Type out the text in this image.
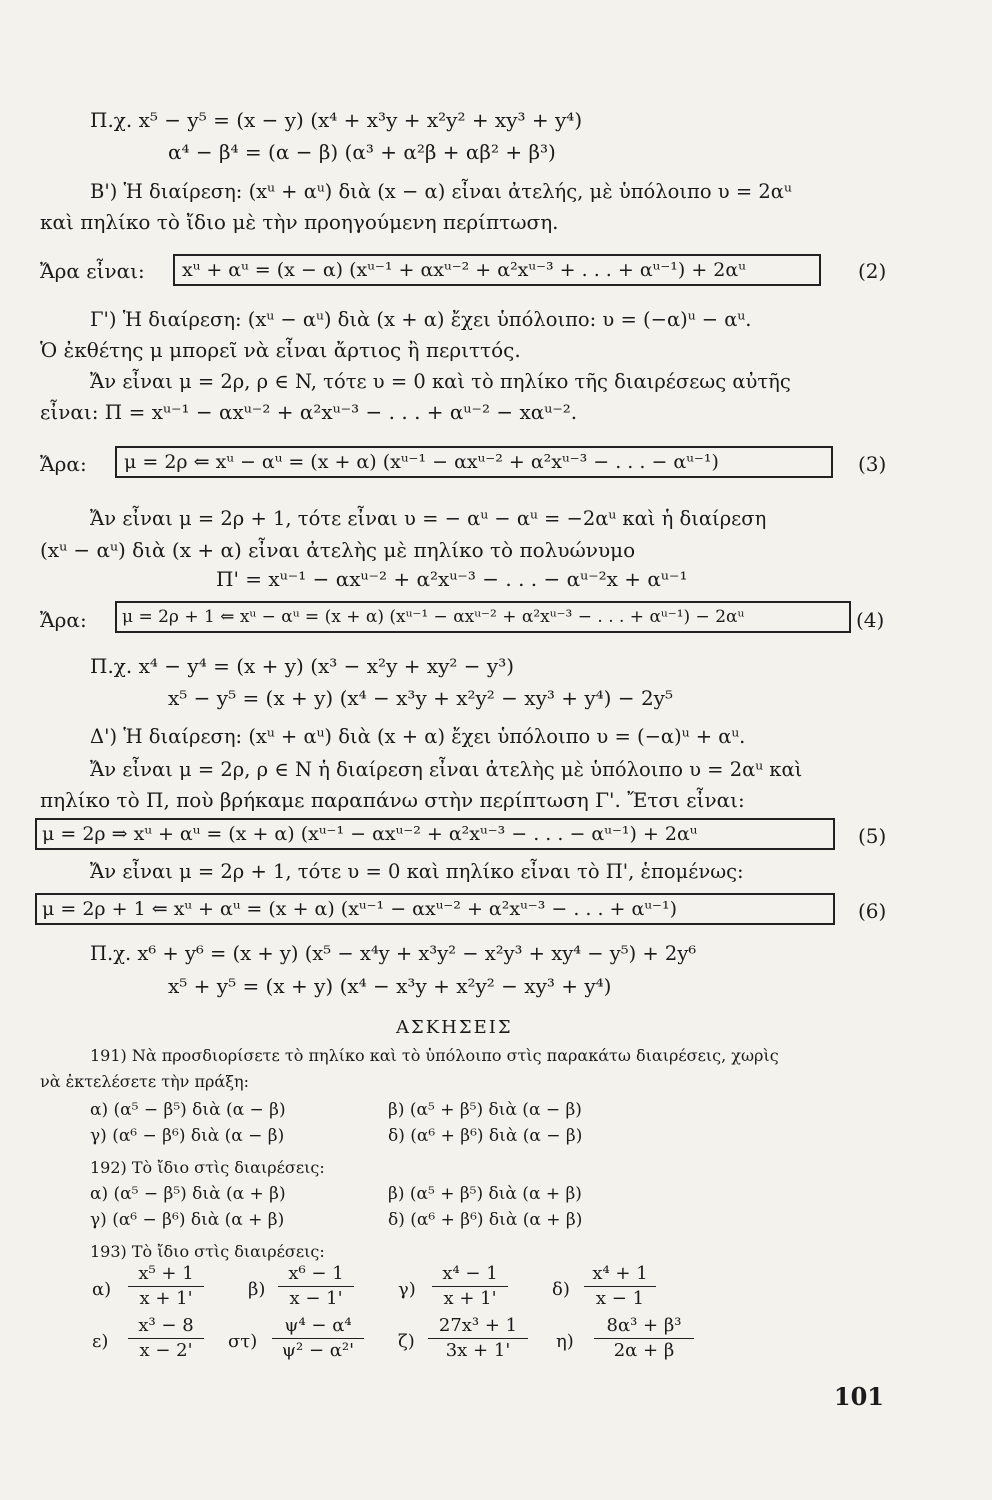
Π.χ. x⁵ − y⁵ = (x − y) (x⁴ + x³y + x²y² + xy³ + y⁴)
α⁴ − β⁴ = (α − β) (α³ + α²β + αβ² + β³)
Β') Ἡ διαίρεση: (xᵘ + αᵘ) διὰ (x − α) εἶναι ἀτελής, μὲ ὑπόλοιπο υ = 2αᵘ
καὶ πηλίκο τὸ ἴδιο μὲ τὴν προηγούμενη περίπτωση.
Ἄρα εἶναι: xᵘ + αᵘ = (x − α) (xᵘ⁻¹ + αxᵘ⁻² + α²xᵘ⁻³ + . . . + αᵘ⁻¹) + 2αᵘ	(2)
Γ') Ἡ διαίρεση: (xᵘ − αᵘ) διὰ (x + α) ἔχει ὑπόλοιπο: υ = (−α)ᵘ − αᵘ.
Ὁ ἐκθέτης μ μπορεῖ νὰ εἶναι ἄρτιος ἢ περιττός.
Ἄν εἶναι μ = 2ρ, ρ ∈ N, τότε υ = 0 καὶ τὸ πηλίκο τῆς διαιρέσεως αὐτῆς
εἶναι: Π = xᵘ⁻¹ − αxᵘ⁻² + α²xᵘ⁻³ − . . . + αᵘ⁻² − xαᵘ⁻².
Ἄρα: μ = 2ρ ⇐ xᵘ − αᵘ = (x + α) (xᵘ⁻¹ − αxᵘ⁻² + α²xᵘ⁻³ − . . . − αᵘ⁻¹)	(3)
Ἄν εἶναι μ = 2ρ + 1, τότε εἶναι υ = − αᵘ − αᵘ = −2αᵘ καὶ ἡ διαίρεση
(xᵘ − αᵘ) διὰ (x + α) εἶναι ἀτελὴς μὲ πηλίκο τὸ πολυώνυμο
Π' = xᵘ⁻¹ − αxᵘ⁻² + α²xᵘ⁻³ − . . . − αᵘ⁻²x + αᵘ⁻¹
Ἄρα: μ = 2ρ + 1 ⇐ xᵘ − αᵘ = (x + α) (xᵘ⁻¹ − αxᵘ⁻² + α²xᵘ⁻³ − . . . + αᵘ⁻¹) − 2αᵘ	(4)
Π.χ. x⁴ − y⁴ = (x + y) (x³ − x²y + xy² − y³)
x⁵ − y⁵ = (x + y) (x⁴ − x³y + x²y² − xy³ + y⁴) − 2y⁵
Δ') Ἡ διαίρεση: (xᵘ + αᵘ) διὰ (x + α) ἔχει ὑπόλοιπο υ = (−α)ᵘ + αᵘ.
Ἄν εἶναι μ = 2ρ, ρ ∈ N ἡ διαίρεση εἶναι ἀτελὴς μὲ ὑπόλοιπο υ = 2αᵘ καὶ
πηλίκο τὸ Π, ποὺ βρήκαμε παραπάνω στὴν περίπτωση Γ'. Ἔτσι εἶναι:
μ = 2ρ ⇒ xᵘ + αᵘ = (x + α) (xᵘ⁻¹ − αxᵘ⁻² + α²xᵘ⁻³ − . . . − αᵘ⁻¹) + 2αᵘ	(5)
Ἄν εἶναι μ = 2ρ + 1, τότε υ = 0 καὶ πηλίκο εἶναι τὸ Π', ἑπομένως:
μ = 2ρ + 1 ⇐ xᵘ + αᵘ = (x + α) (xᵘ⁻¹ − αxᵘ⁻² + α²xᵘ⁻³ − . . . + αᵘ⁻¹)	(6)
Π.χ. x⁶ + y⁶ = (x + y) (x⁵ − x⁴y + x³y² − x²y³ + xy⁴ − y⁵) + 2y⁶
x⁵ + y⁵ = (x + y) (x⁴ − x³y + x²y² − xy³ + y⁴)
ΑΣΚΗΣΕΙΣ
191) Νὰ προσδιορίσετε τὸ πηλίκο καὶ τὸ ὑπόλοιπο στὶς παρακάτω διαιρέσεις, χωρὶς
νὰ ἐκτελέσετε τὴν πράξη:
α) (α⁵ − β⁵) διὰ (α − β)	β) (α⁵ + β⁵) διὰ (α − β)
γ) (α⁶ − β⁶) διὰ (α − β)	δ) (α⁶ + β⁶) διὰ (α − β)
192) Τὸ ἴδιο στὶς διαιρέσεις:
α) (α⁵ − β⁵) διὰ (α + β)	β) (α⁵ + β⁵) διὰ (α + β)
γ) (α⁶ − β⁶) διὰ (α + β)	δ) (α⁶ + β⁶) διὰ (α + β)
193) Τὸ ἴδιο στὶς διαιρέσεις:
$\alpha) \frac{\text{x⁵ + 1}}{x + 1'} \beta) \frac{\text{x⁶ − 1}}{x - 1'} \gamma) \frac{\text{x⁴ − 1}}{x + 1'} \delta) \frac{\text{x⁴ + 1}}{x - 1}$
$\varepsilon) \frac{\text{x³ − 8}}{x - 2'} \sigma\tau) \frac{\text{ψ⁴ − α⁴}}{\text{ψ² − α²'}} \zeta) \frac{\text{27x³ + 1}}{3x + 1'} \eta) \frac{\text{8α³ + β³}}{2\alpha + \beta}$
101
